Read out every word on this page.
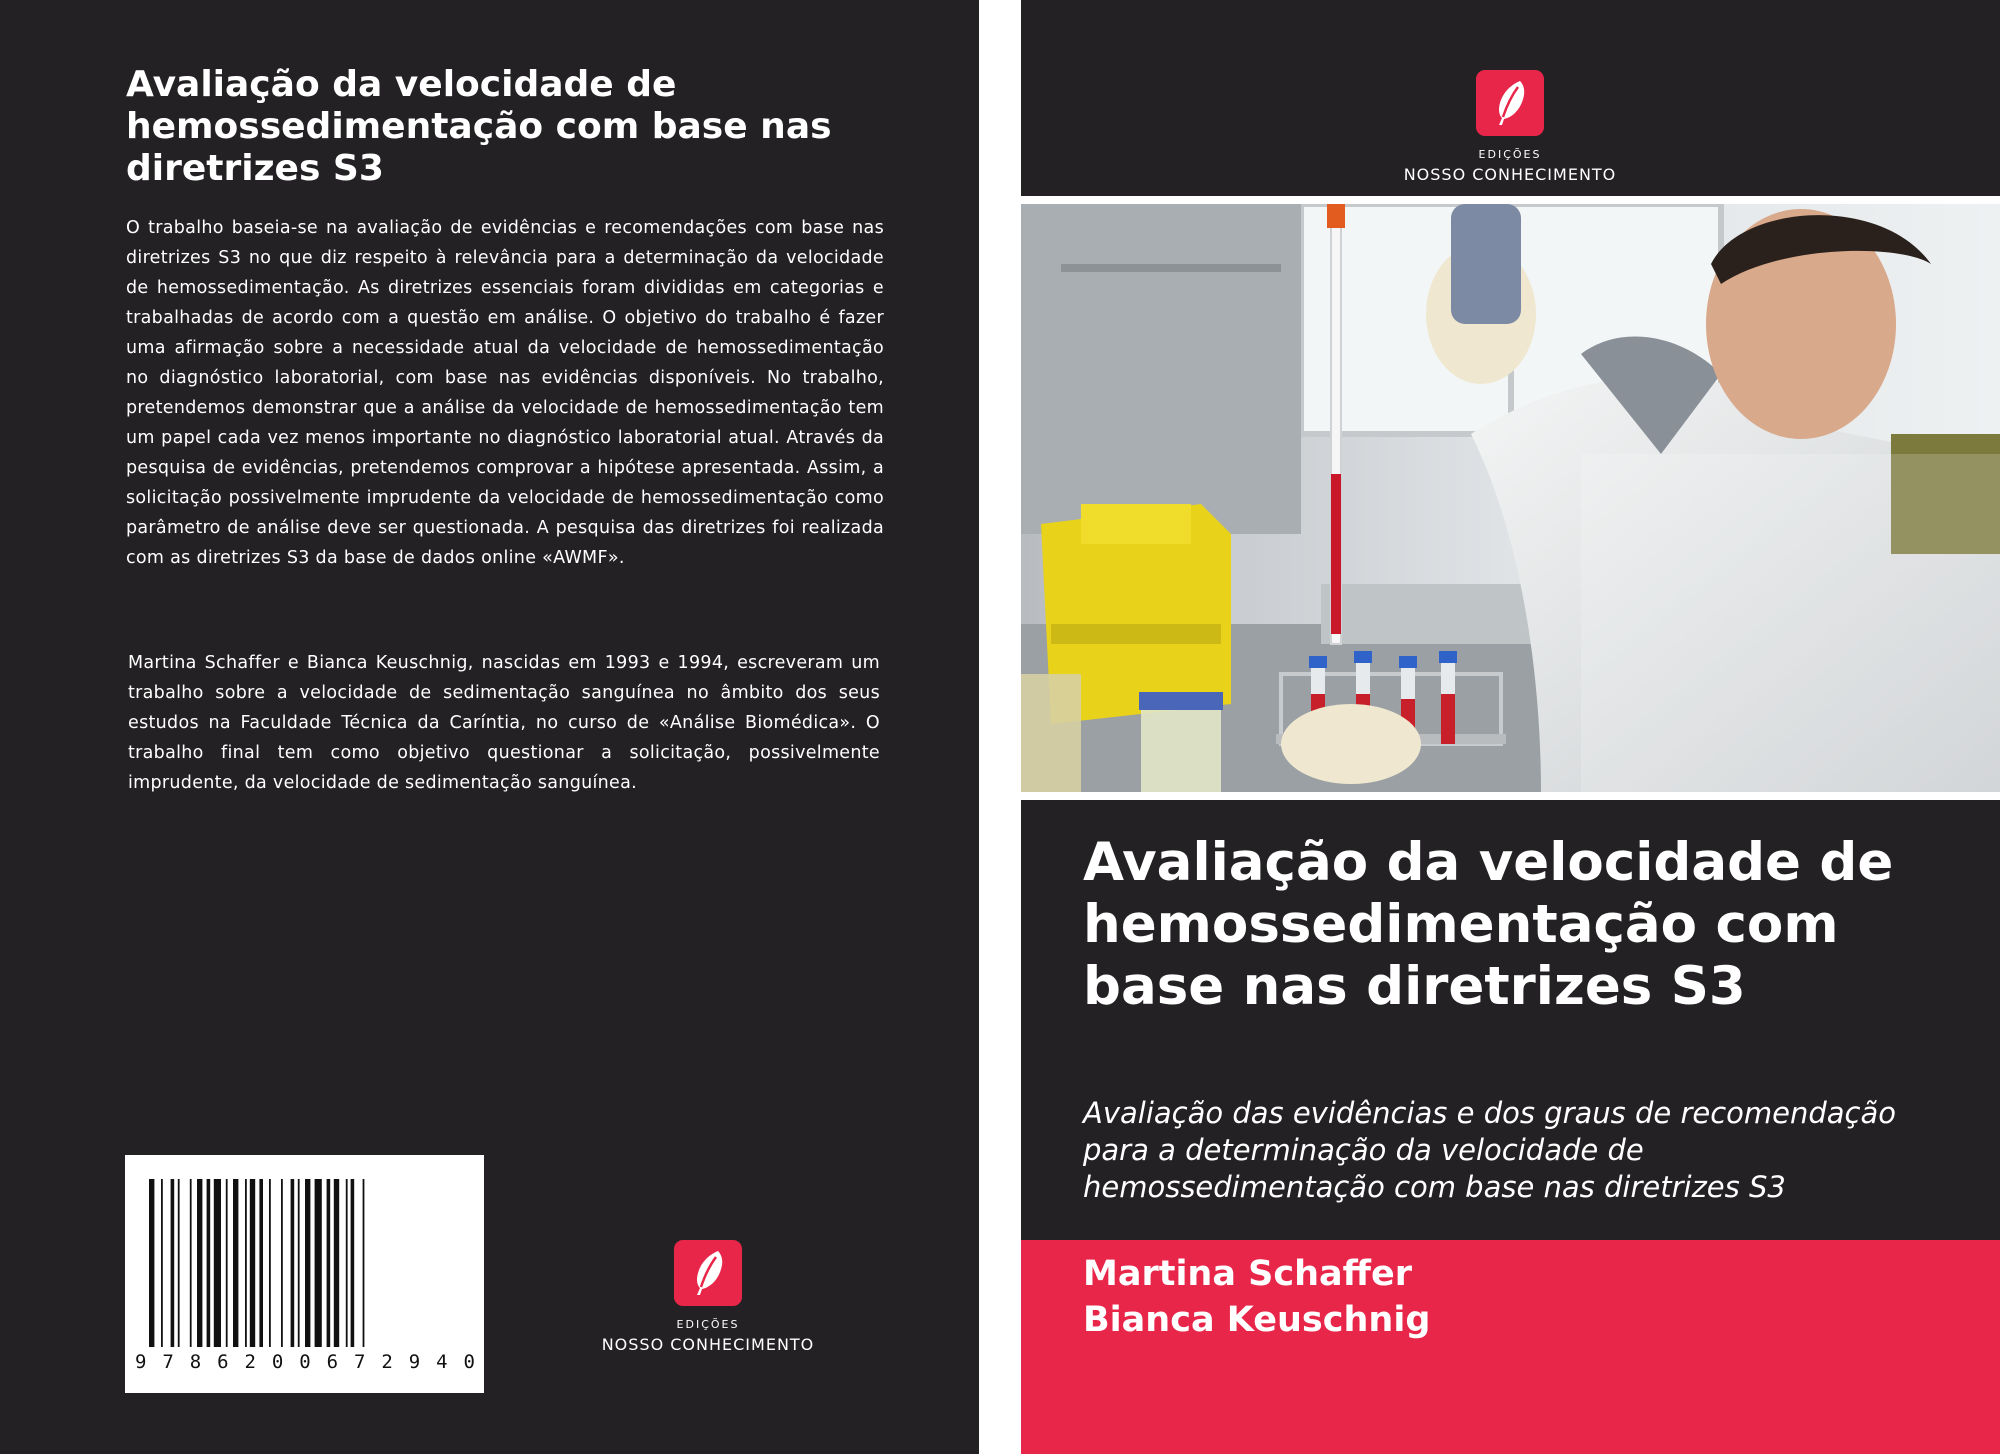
Avaliação da velocidade de hemossedimentação com base nas diretrizes S3

O trabalho baseia-se na avaliação de evidências e recomendações com base nas diretrizes S3 no que diz respeito à relevância para a determinação da velocidade de hemossedimentação. As diretrizes essenciais foram divididas em categorias e trabalhadas de acordo com a questão em análise. O objetivo do trabalho é fazer uma afirmação sobre a necessidade atual da velocidade de hemossedimentação no diagnóstico laboratorial, com base nas evidências disponíveis. No trabalho, pretendemos demonstrar que a análise da velocidade de hemossedimentação tem um papel cada vez menos importante no diagnóstico laboratorial atual. Através da pesquisa de evidências, pretendemos comprovar a hipótese apresentada. Assim, a solicitação possivelmente imprudente da velocidade de hemossedimentação como parâmetro de análise deve ser questionada. A pesquisa das diretrizes foi realizada com as diretrizes S3 da base de dados online «AWMF».

Martina Schaffer e Bianca Keuschnig, nascidas em 1993 e 1994, escreveram um trabalho sobre a velocidade de sedimentação sanguínea no âmbito dos seus estudos na Faculdade Técnica da Caríntia, no curso de «Análise Biomédica». O trabalho final tem como objetivo questionar a solicitação, possivelmente imprudente, da velocidade de sedimentação sanguínea.

9 7 8 6 2 0 0 6 7 2 9 4 0
EDIÇÕES
NOSSO CONHECIMENTO
EDIÇÕES
NOSSO CONHECIMENTO
Avaliação da velocidade de hemossedimentação com base nas diretrizes S3

Avaliação das evidências e dos graus de recomendação para a determinação da velocidade de hemossedimentação com base nas diretrizes S3

Martina Schaffer

Bianca Keuschnig
